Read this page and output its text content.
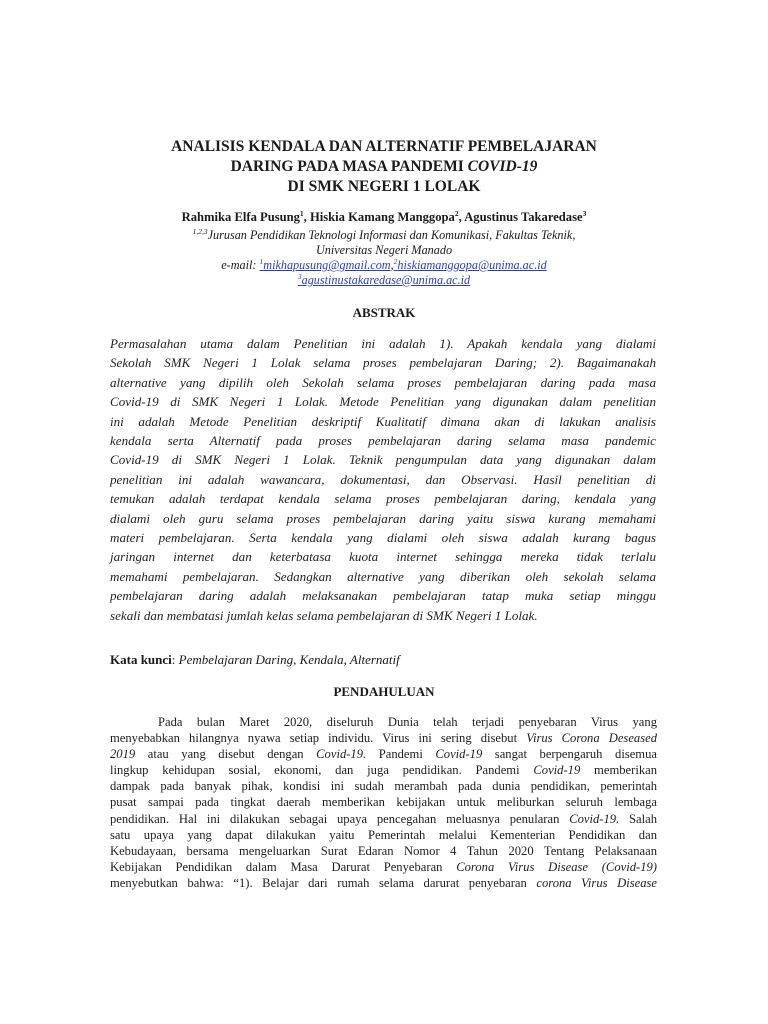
ANALISIS KENDALA DAN ALTERNATIF PEMBELAJARAN
DARING PADA MASA PANDEMI COVID-19
DI SMK NEGERI 1 LOLAK
Rahmika Elfa Pusung$^1$, Hiskia Kamang Manggopa$^2$, Agustinus Takaredase$^3$
$^{1,2,3}$Jurusan Pendidikan Teknologi Informasi dan Komunikasi, Fakultas Teknik,
Universitas Negeri Manado
e-mail: $^1$mikhapusung@gmail.com,$^2$hiskiamanggopa@unima.ac.id
$^3$agustinustakaredase@unima.ac.id
ABSTRAK
Permasalahan utama dalam Penelitian ini adalah 1). Apakah kendala yang dialami
Sekolah SMK Negeri 1 Lolak selama proses pembelajaran Daring; 2). Bagaimanakah
alternative yang dipilih oleh Sekolah selama proses pembelajaran daring pada masa
Covid-19 di SMK Negeri 1 Lolak. Metode Penelitian yang digunakan dalam penelitian
ini adalah Metode Penelitian deskriptif Kualitatif dimana akan di lakukan analisis
kendala serta Alternatif pada proses pembelajaran daring selama masa pandemic
Covid-19 di SMK Negeri 1 Lolak. Teknik pengumpulan data yang digunakan dalam
penelitian ini adalah wawancara, dokumentasi, dan Observasi. Hasil penelitian di
temukan adalah terdapat kendala selama proses pembelajaran daring, kendala yang
dialami oleh guru selama proses pembelajaran daring yaitu siswa kurang memahami
materi pembelajaran. Serta kendala yang dialami oleh siswa adalah kurang bagus
jaringan internet dan keterbatasa kuota internet sehingga mereka tidak terlalu
memahami pembelajaran. Sedangkan alternative yang diberikan oleh sekolah selama
pembelajaran daring adalah melaksanakan pembelajaran tatap muka setiap minggu
sekali dan membatasi jumlah kelas selama pembelajaran di SMK Negeri 1 Lolak.
Kata kunci: Pembelajaran Daring, Kendala, Alternatif
PENDAHULUAN
Pada bulan Maret 2020, diseluruh Dunia telah terjadi penyebaran Virus yang
menyebabkan hilangnya nyawa setiap individu. Virus ini sering disebut Virus Corona Deseased
2019 atau yang disebut dengan Covid-19. Pandemi Covid-19 sangat berpengaruh disemua
lingkup kehidupan sosial, ekonomi, dan juga pendidikan. Pandemi Covid-19 memberikan
dampak pada banyak pihak, kondisi ini sudah merambah pada dunia pendidikan, pemerintah
pusat sampai pada tingkat daerah memberikan kebijakan untuk meliburkan seluruh lembaga
pendidikan. Hal ini dilakukan sebagai upaya pencegahan meluasnya penularan Covid-19. Salah
satu upaya yang dapat dilakukan yaitu Pemerintah melalui Kementerian Pendidikan dan
Kebudayaan, bersama mengeluarkan Surat Edaran Nomor 4 Tahun 2020 Tentang Pelaksanaan
Kebijakan Pendidikan dalam Masa Darurat Penyebaran Corona Virus Disease (Covid-19)
menyebutkan bahwa: “1). Belajar dari rumah selama darurat penyebaran corona Virus Disease
